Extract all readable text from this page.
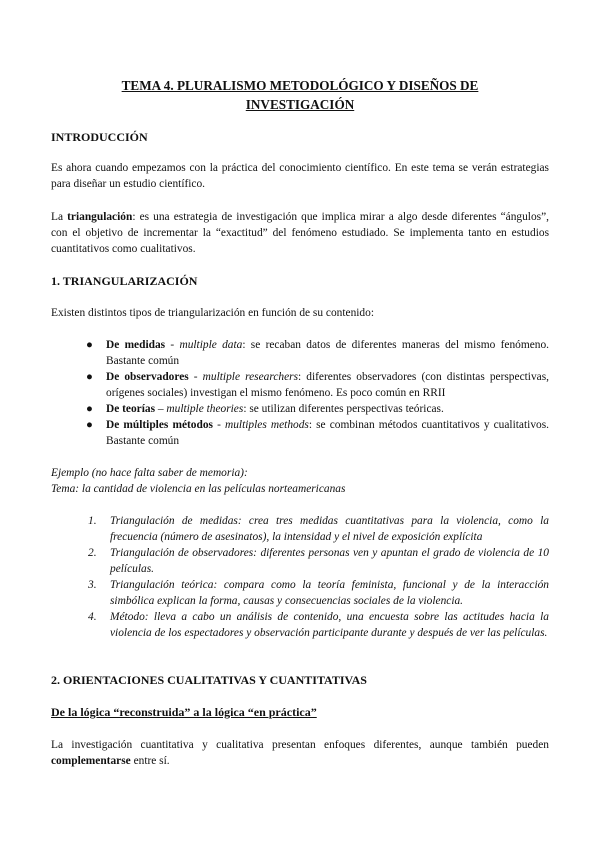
TEMA 4. PLURALISMO METODOLÓGICO Y DISEÑOS DE
INVESTIGACIÓN
INTRODUCCIÓN
Es ahora cuando empezamos con la práctica del conocimiento científico. En este tema se verán estrategias para diseñar un estudio científico.
La triangulación: es una estrategia de investigación que implica mirar a algo desde diferentes “ángulos”, con el objetivo de incrementar la “exactitud” del fenómeno estudiado. Se implementa tanto en estudios cuantitativos como cualitativos.
1. TRIANGULARIZACIÓN
Existen distintos tipos de triangularización en función de su contenido:
● De medidas - multiple data: se recaban datos de diferentes maneras del mismo fenómeno. Bastante común
● De observadores - multiple researchers: diferentes observadores (con distintas perspectivas, orígenes sociales) investigan el mismo fenómeno. Es poco común en RRII
● De teorías – multiple theories: se utilizan diferentes perspectivas teóricas.
● De múltiples métodos - multiples methods: se combinan métodos cuantitativos y cualitativos. Bastante común
Ejemplo (no hace falta saber de memoria):
Tema: la cantidad de violencia en las películas norteamericanas
1. Triangulación de medidas: crea tres medidas cuantitativas para la violencia, como la frecuencia (número de asesinatos), la intensidad y el nivel de exposición explícita
2. Triangulación de observadores: diferentes personas ven y apuntan el grado de violencia de 10 películas.
3. Triangulación teórica: compara como la teoría feminista, funcional y de la interacción simbólica explican la forma, causas y consecuencias sociales de la violencia.
4. Método: lleva a cabo un análisis de contenido, una encuesta sobre las actitudes hacia la violencia de los espectadores y observación participante durante y después de ver las películas.
2. ORIENTACIONES CUALITATIVAS Y CUANTITATIVAS
De la lógica “reconstruida” a la lógica “en práctica”
La investigación cuantitativa y cualitativa presentan enfoques diferentes, aunque también pueden complementarse entre sí.
